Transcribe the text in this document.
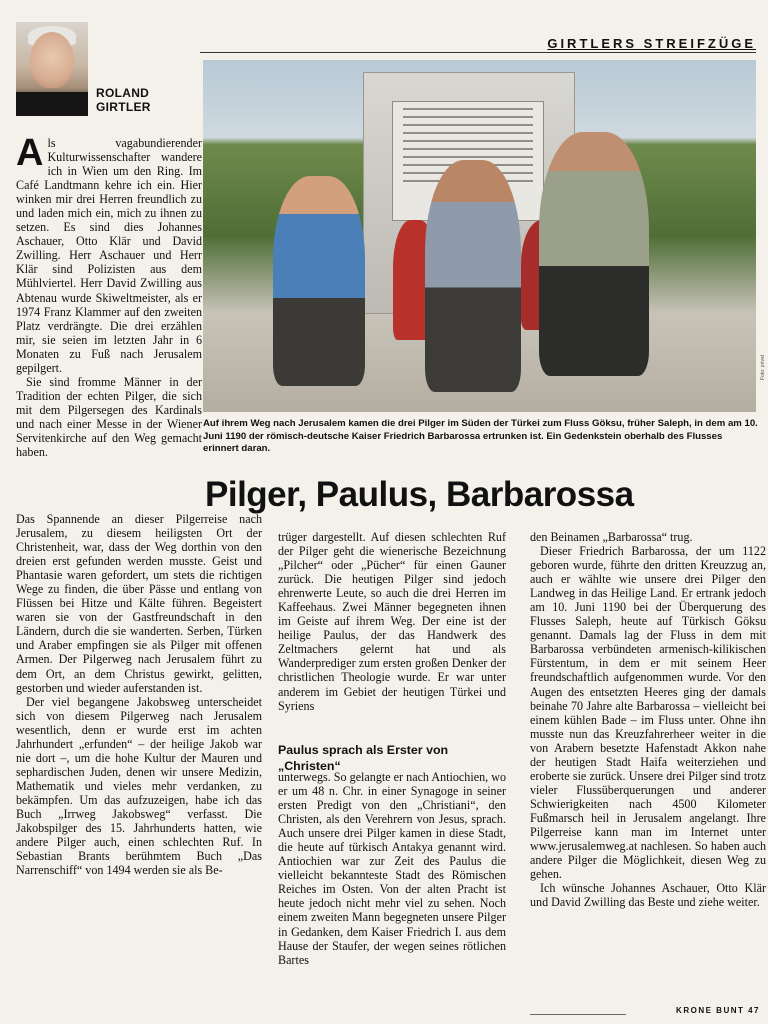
ROLAND
GIRTLER
GIRTLERS STREIFZÜGE
Foto: privat
Auf ihrem Weg nach Jerusalem kamen die drei Pilger im Süden der Türkei zum Fluss Göksu, früher Saleph, in dem am 10. Juni 1190 der römisch-deutsche Kaiser Friedrich Barbarossa ertrunken ist. Ein Gedenkstein oberhalb des Flusses erinnert daran.
Pilger, Paulus, Barbarossa

Als vagabundierender Kulturwissenschafter wandere ich in Wien um den Ring. Im Café Landtmann kehre ich ein. Hier winken mir drei Herren freundlich zu und laden mich ein, mich zu ihnen zu setzen. Es sind dies Johannes Aschauer, Otto Klär und David Zwilling. Herr Aschauer und Herr Klär sind Polizisten aus dem Mühlviertel. Herr David Zwilling aus Abtenau wurde Skiweltmeister, als er 1974 Franz Klammer auf den zweiten Platz verdrängte. Die drei erzählen mir, sie seien im letzten Jahr in 6 Monaten zu Fuß nach Jerusalem gepilgert.

Sie sind fromme Männer in der Tradition der echten Pilger, die sich mit dem Pilgersegen des Kardinals und nach einer Messe in der Wiener Servitenkirche auf den Weg gemacht haben.

Das Spannende an dieser Pilgerreise nach Jerusalem, zu diesem heiligsten Ort der Christenheit, war, dass der Weg dorthin von den dreien erst gefunden werden musste. Geist und Phantasie waren gefordert, um stets die richtigen Wege zu finden, die über Pässe und entlang von Flüssen bei Hitze und Kälte führen. Begeistert waren sie von der Gastfreundschaft in den Ländern, durch die sie wanderten. Serben, Türken und Araber empfingen sie als Pilger mit offenen Armen. Der Pilgerweg nach Jerusalem führt zu dem Ort, an dem Christus gewirkt, gelitten, gestorben und wieder auferstanden ist.

Der viel begangene Jakobsweg unterscheidet sich von diesem Pilgerweg nach Jerusalem wesentlich, denn er wurde erst im achten Jahrhundert „erfunden“ – der heilige Jakob war nie dort –, um die hohe Kultur der Mauren und sephardischen Juden, denen wir unsere Medizin, Mathematik und vieles mehr verdanken, zu bekämpfen. Um das aufzuzeigen, habe ich das Buch „Irrweg Jakobsweg“ verfasst. Die Jakobspilger des 15. Jahrhunderts hatten, wie andere Pilger auch, einen schlechten Ruf. In Sebastian Brants berühmtem Buch „Das Narrenschiff“ von 1494 werden sie als Be-

trüger dargestellt. Auf diesen schlechten Ruf der Pilger geht die wienerische Bezeichnung „Pilcher“ oder „Pücher“ für einen Gauner zurück. Die heutigen Pilger sind jedoch ehrenwerte Leute, so auch die drei Herren im Kaffeehaus. Zwei Männer begegneten ihnen im Geiste auf ihrem Weg. Der eine ist der heilige Paulus, der das Handwerk des Zeltmachers gelernt hat und als Wanderprediger zum ersten großen Denker der christlichen Theologie wurde. Er war unter anderem im Gebiet der heutigen Türkei und Syriens

Paulus sprach als Erster von „Christen“

unterwegs. So gelangte er nach Antiochien, wo er um 48 n. Chr. in einer Synagoge in seiner ersten Predigt von den „Christiani“, den Christen, als den Verehrern von Jesus, sprach. Auch unsere drei Pilger kamen in diese Stadt, die heute auf türkisch Antakya genannt wird. Antiochien war zur Zeit des Paulus die vielleicht bekannteste Stadt des Römischen Reiches im Osten. Von der alten Pracht ist heute jedoch nicht mehr viel zu sehen. Noch einem zweiten Mann begegneten unsere Pilger in Gedanken, dem Kaiser Friedrich I. aus dem Hause der Staufer, der wegen seines rötlichen Bartes

den Beinamen „Barbarossa“ trug.

Dieser Friedrich Barbarossa, der um 1122 geboren wurde, führte den dritten Kreuzzug an, auch er wählte wie unsere drei Pilger den Landweg in das Heilige Land. Er ertrank jedoch am 10. Juni 1190 bei der Überquerung des Flusses Saleph, heute auf Türkisch Göksu genannt. Damals lag der Fluss in dem mit Barbarossa verbündeten armenisch-kilikischen Fürstentum, in dem er mit seinem Heer freundschaftlich aufgenommen wurde. Vor den Augen des entsetzten Heeres ging der damals beinahe 70 Jahre alte Barbarossa – vielleicht bei einem kühlen Bade – im Fluss unter. Ohne ihn musste nun das Kreuzfahrerheer weiter in die von Arabern besetzte Hafenstadt Akkon nahe der heutigen Stadt Haifa weiterziehen und eroberte sie zurück. Unsere drei Pilger sind trotz vieler Flussüberquerungen und anderer Schwierigkeiten nach 4500 Kilometer Fußmarsch heil in Jerusalem angelangt. Ihre Pilgerreise kann man im Internet unter www.jerusalemweg.at nachlesen. So haben auch andere Pilger die Möglichkeit, diesen Weg zu gehen.

Ich wünsche Johannes Aschauer, Otto Klär und David Zwilling das Beste und ziehe weiter.

KRONE BUNT 47
